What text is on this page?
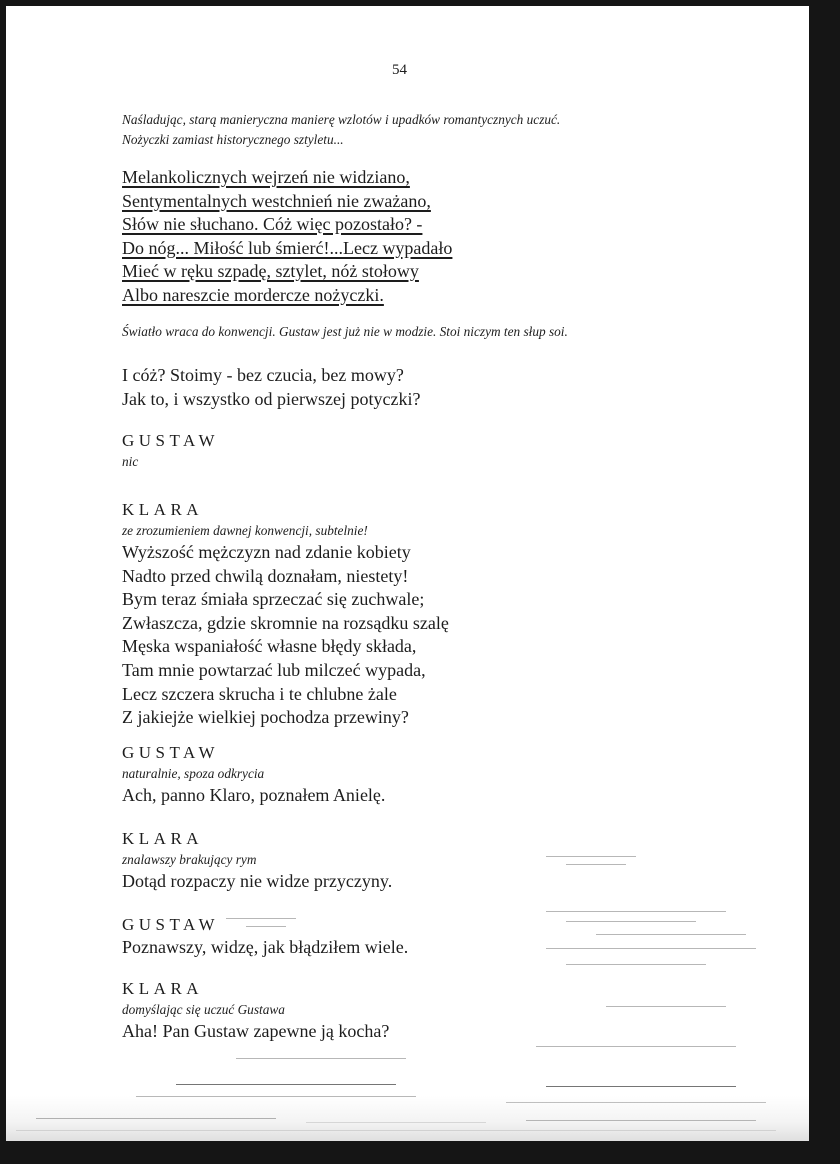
54
Naśladując, starą manieryczna manierę wzlotów i upadków romantycznych uczuć.
Nożyczki zamiast historycznego sztyletu...
Melankolicznych wejrzeń nie widziano,
Sentymentalnych westchnień nie zważano,
Słów nie słuchano. Cóż więc pozostało? -
Do nóg... Miłość lub śmierć!...Lecz wypadało
Mieć w ręku szpadę, sztylet, nóż stołowy
Albo nareszcie mordercze nożyczki.
Światło wraca do konwencji. Gustaw jest już nie w modzie. Stoi niczym ten słup soi.
I cóż? Stoimy - bez czucia, bez mowy?
Jak to, i wszystko od pierwszej potyczki?
GUSTAW
nic
KLARA
ze zrozumieniem dawnej konwencji, subtelnie!
Wyższość mężczyzn nad zdanie kobiety
Nadto przed chwilą doznałam, niestety!
Bym teraz śmiała sprzeczać się zuchwale;
Zwłaszcza, gdzie skromnie na rozsądku szalę
Męska wspaniałość własne błędy składa,
Tam mnie powtarzać lub milczeć wypada,
Lecz szczera skrucha i te chlubne żale
Z jakiejże wielkiej pochodza przewiny?
GUSTAW
naturalnie, spoza odkrycia
Ach, panno Klaro, poznałem Anielę.
KLARA
znalawszy brakujący rym
Dotąd rozpaczy nie widze przyczyny.
GUSTAW
Poznawszy, widzę, jak błądziłem wiele.
KLARA
domyślając się uczuć Gustawa
Aha! Pan Gustaw zapewne ją kocha?
